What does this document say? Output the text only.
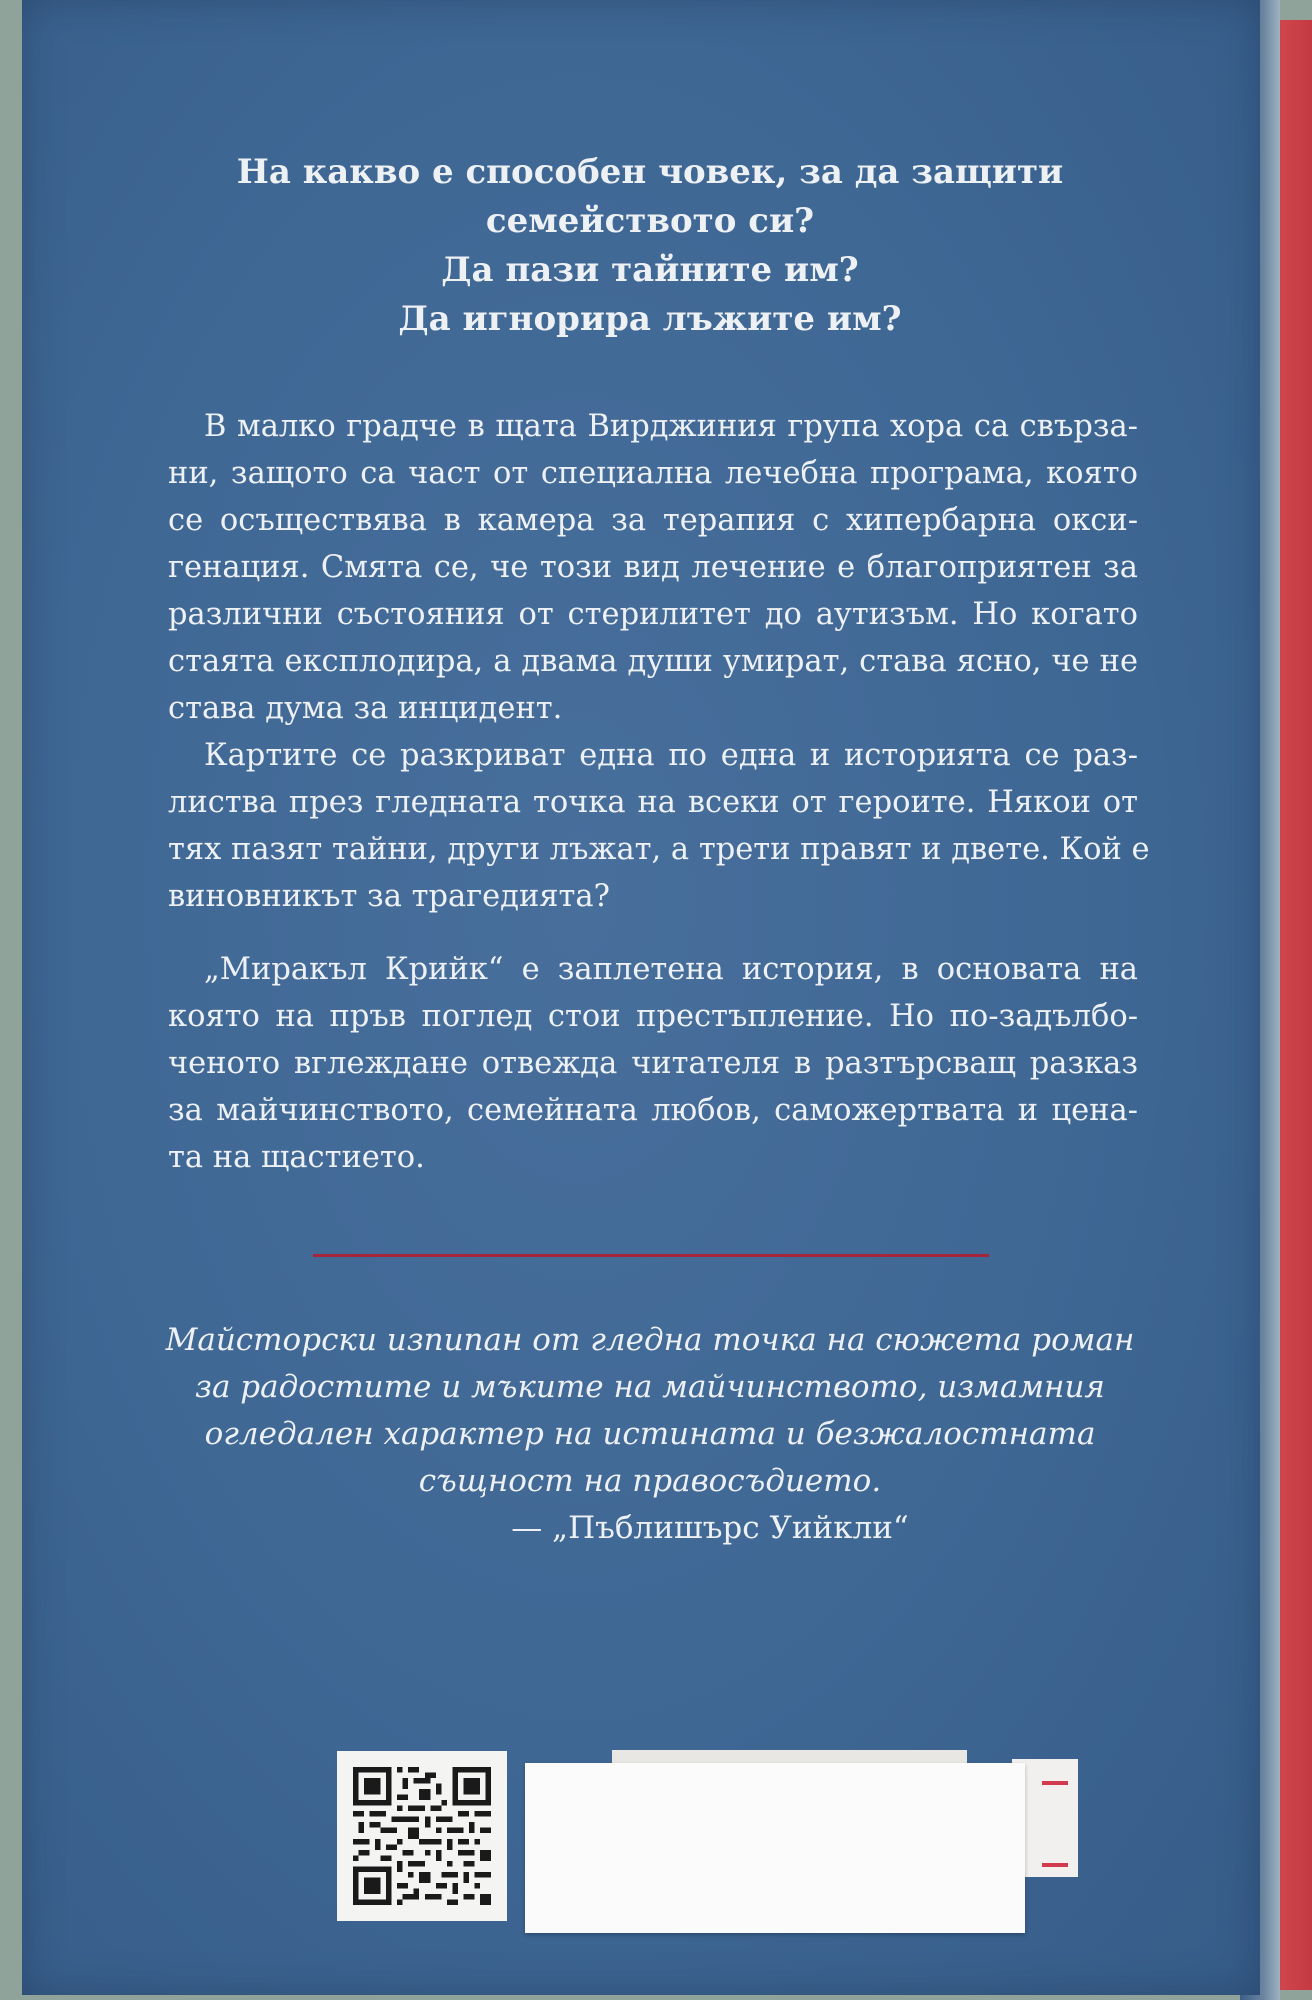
На какво е способен човек, за да защити
семейството си?
Да пази тайните им?
Да игнорира лъжите им?
В малко градче в щата Вирджиния група хора са свърза-
ни, защото са част от специална лечебна програма, която
се осъществява в камера за терапия с хипербарна окси-
генация. Смята се, че този вид лечение е благоприятен за
различни състояния от стерилитет до аутизъм. Но когато
стаята експлодира, а двама души умират, става ясно, че не
става дума за инцидент.
Картите се разкриват една по една и историята се раз-
листва през гледната точка на всеки от героите. Някои от
тях пазят тайни, други лъжат, а трети правят и двете. Кой е
виновникът за трагедията?
„Миракъл Крийк“ е заплетена история, в основата на
която на пръв поглед стои престъпление. Но по-задълбо-
ченото вглеждане отвежда читателя в разтърсващ разказ
за майчинството, семейната любов, саможертвата и цена-
та на щастието.
Майсторски изпипан от гледна точка на сюжета роман
за радостите и мъките на майчинството, измамния
огледален характер на истината и безжалостната
същност на правосъдието.
— „Пъблишърс Уийкли“
